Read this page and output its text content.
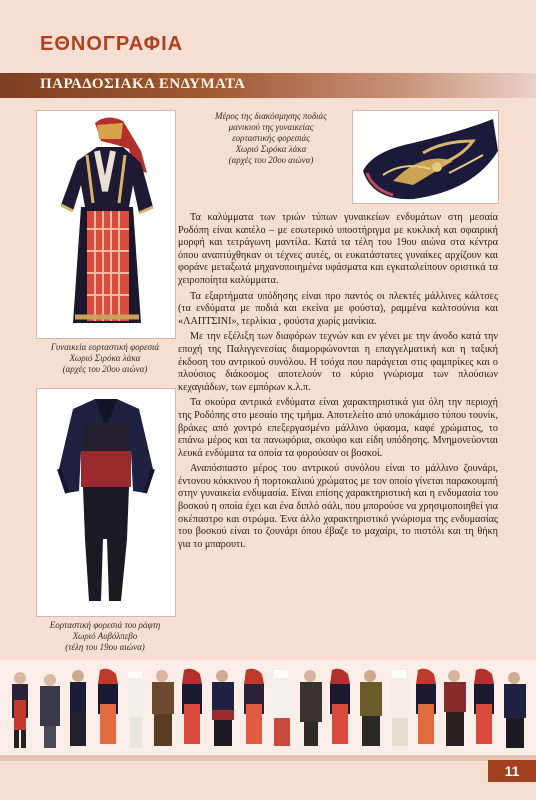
ΕΘΝΟΓΡΑΦΙΑ
ΠΑΡΑΔΟΣΙΑΚΑ ΕΝΔΥΜΑΤΑ
Γυναικεία εορταστική φορεσιά
Χωριό Σιρόκα λάκα
(αρχές του 20ου αιώνα)
Μέρος της διακόσμησης ποδιάς
μανικιού της γυναικείας
εορταστικής φορεσιάς
Χωριό Σιρόκα λάκα
(αρχές του 20ου αιώνα)
Εορταστική φορεσιά του ράφτη
Χωριό Αυβόλπεβο
(τέλη του 19ου αιώνα)

Τα καλύμματα των τριών τύπων γυναικείων ενδυμάτων στη μεσαία Ροδόπη είναι καπέλο – με εσωτερικό υποστήριγμα με κυκλική και σφαιρική μορφή και τετράγωνη μαντίλα. Κατά τα τέλη του 19ου αιώνα στα κέντρα όπου αναπτύχθηκαν οι τέχνες αυτές, οι ευκατάστατες γυναίκες αρχίζουν και φοράνε μεταξωτά μηχανοποιημένα υφάσματα και εγκαταλείπουν οριστικά τα χειροποίητα καλύμματα.

Τα εξαρτήματα υπόδησης είναι προ παντός οι πλεκτές μάλλινες κάλτσες (τα ενδύματα με ποδιά και εκείνα με φούστα), ραμμένα καλτσούνια και «ΛΑΠΤΣΙΝΙ», τερλίκια , φούστα χωρίς μανίκια.

Με την εξέλιξη των διαφόρων τεχνών και εν γένει με την άνοδο κατά την εποχή της Παλιγγενεσίας διαμορφώνονται η επαγγελματική και η ταξική έκδοση του αντρικού συνόλου. Η τσόχα που παράγεται στις φαμπρίκες και ο πλούσιος διάκοσμος αποτελούν το κύριο γνώρισμα των πλούσιων κεχαγιάδων, των εμπόρων κ.λ.π.

Τα σκούρα αντρικά ενδύματα είναι χαρακτηριστικά για όλη την περιοχή της Ροδόπης στο μεσαίο της τμήμα. Αποτελείτο από υποκάμισο τύπου τουνίκ, βράκες από χοντρό επεξεργασμένο μάλλινο ύφασμα, καφέ χρώματος, το επάνω μέρος και τα πανωφόρια, σκούφο και είδη υπόδησης. Μνημονεύονται λευκά ενδύματα τα οποία τα φορούσαν οι βοσκοί.

Αναπόσπαστο μέρος του αντρικού συνόλου είναι το μάλλινο ζουνάρι, έντονου κόκκινου ή πορτοκαλιού χρώματος με τον οποίο γίνεται παρακουμπή στην γυναικεία ενδυμασία. Είναι επίσης χαρακτηριστική και η ενδυμασία του βοσκού η οποία έχει και ένα διπλό σάλι, που μπορούσε να χρησιμοποιηθεί για σκέπαστρο και στρώμα. Ένα άλλο χαρακτηριστικό γνώρισμα της ενδυμασίας του βοσκού είναι το ζουνάρι όπου έβαζε το μαχαίρι, το πιστόλι και τη θήκη για το μπαρουτι.

11
